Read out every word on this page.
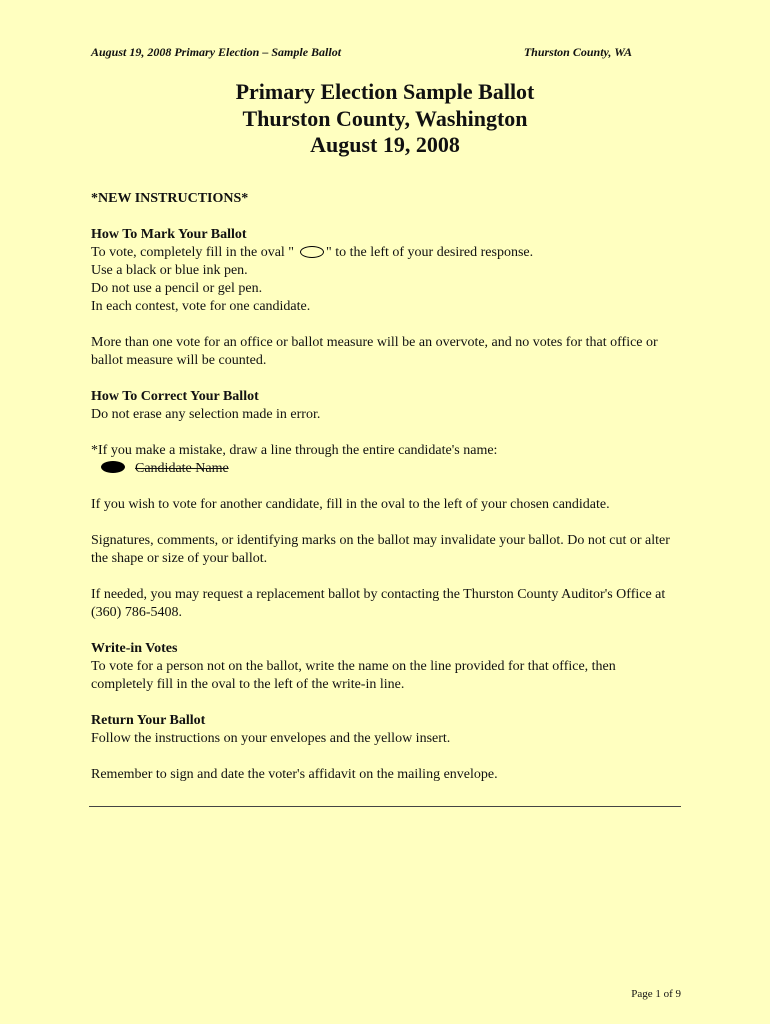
August 19, 2008 Primary Election – Sample Ballot	Thurston County, WA
Primary Election Sample Ballot
Thurston County, Washington
August 19, 2008

*NEW INSTRUCTIONS*

How To Mark Your Ballot

To vote, completely fill in the oval " " to the left of your desired response.

Use a black or blue ink pen.

Do not use a pencil or gel pen.

In each contest, vote for one candidate.

More than one vote for an office or ballot measure will be an overvote, and no votes for that office or ballot measure will be counted.

How To Correct Your Ballot

Do not erase any selection made in error.

*If you make a mistake, draw a line through the entire candidate's name:

Candidate Name

If you wish to vote for another candidate, fill in the oval to the left of your chosen candidate.

Signatures, comments, or identifying marks on the ballot may invalidate your ballot. Do not cut or alter the shape or size of your ballot.

If needed, you may request a replacement ballot by contacting the Thurston County Auditor's Office at (360) 786-5408.

Write-in Votes

To vote for a person not on the ballot, write the name on the line provided for that office, then completely fill in the oval to the left of the write-in line.

Return Your Ballot

Follow the instructions on your envelopes and the yellow insert.

Remember to sign and date the voter's affidavit on the mailing envelope.

Page 1 of 9
